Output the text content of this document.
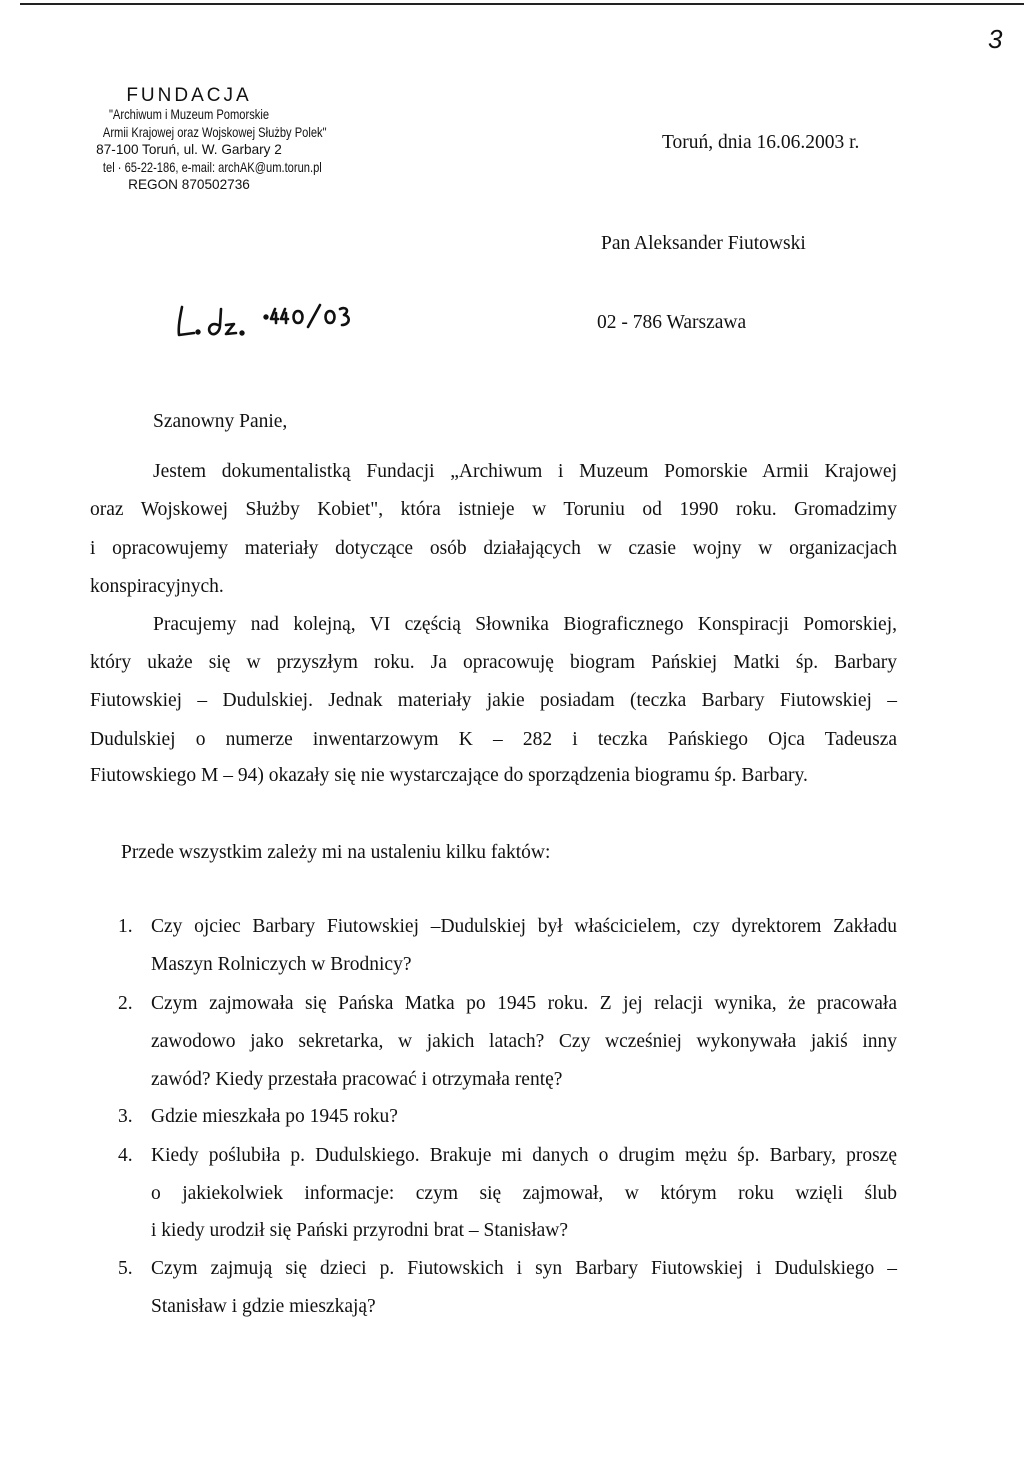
3
FUNDACJA
"Archiwum i Muzeum Pomorskie
Armii Krajowej oraz Wojskowej Służby Polek"
87-100 Toruń, ul. W. Garbary 2
tel · 65-22-186, e-mail: archAK@um.torun.pl
REGON 870502736
Toruń, dnia 16.06.2003 r.
Pan Aleksander Fiutowski
02 - 786 Warszawa
Szanowny Panie,
Jestem dokumentalistką Fundacji „Archiwum i Muzeum Pomorskie Armii Krajowej
oraz Wojskowej Służby Kobiet", która istnieje w Toruniu od 1990 roku. Gromadzimy
i opracowujemy materiały dotyczące osób działających w czasie wojny w organizacjach
konspiracyjnych.
Pracujemy nad kolejną, VI częścią Słownika Biograficznego Konspiracji Pomorskiej,
który ukaże się w przyszłym roku. Ja opracowuję biogram Pańskiej Matki śp. Barbary
Fiutowskiej – Dudulskiej. Jednak materiały jakie posiadam (teczka Barbary Fiutowskiej –
Dudulskiej o numerze inwentarzowym K – 282 i teczka Pańskiego Ojca Tadeusza
Fiutowskiego M – 94) okazały się nie wystarczające do sporządzenia biogramu śp. Barbary.
Przede wszystkim zależy mi na ustaleniu kilku faktów:
1. Czy ojciec Barbary Fiutowskiej –Dudulskiej był właścicielem, czy dyrektorem Zakładu
Maszyn Rolniczych w Brodnicy?
2. Czym zajmowała się Pańska Matka po 1945 roku. Z jej relacji wynika, że pracowała
zawodowo jako sekretarka, w jakich latach? Czy wcześniej wykonywała jakiś inny
zawód? Kiedy przestała pracować i otrzymała rentę?
3. Gdzie mieszkała po 1945 roku?
4. Kiedy poślubiła p. Dudulskiego. Brakuje mi danych o drugim mężu śp. Barbary, proszę
o jakiekolwiek informacje: czym się zajmował, w którym roku wzięli ślub
i kiedy urodził się Pański przyrodni brat – Stanisław?
5. Czym zajmują się dzieci p. Fiutowskich i syn Barbary Fiutowskiej i Dudulskiego –
Stanisław i gdzie mieszkają?
